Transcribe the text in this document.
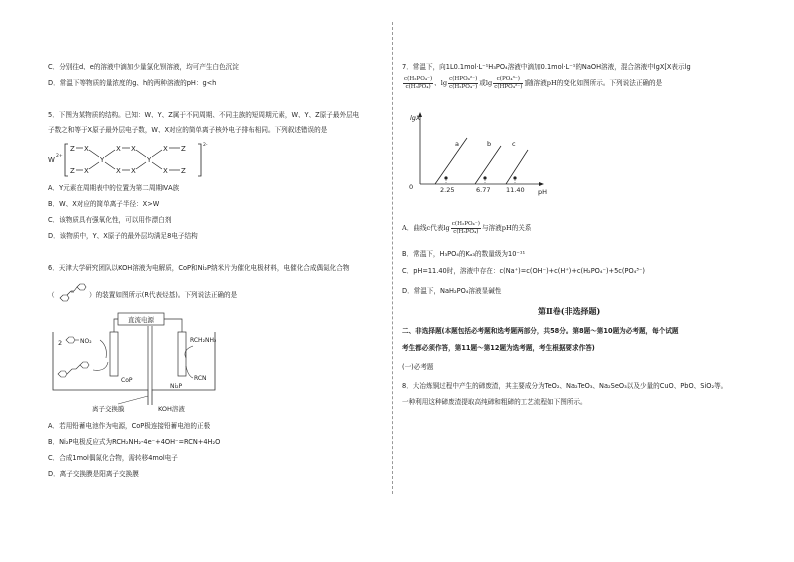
C．分别往d、e的溶液中滴加少量氯化钡溶液，均可产生白色沉淀
D．常温下等物质的量浓度的g、h的两种溶液的pH：g<h
5．下图为某物质的结构。已知：W、Y、Z属于不同周期、不同主族的短周期元素，W、Y、Z原子最外层电
子数之和等于X原子最外层电子数，W、X对应的简单离子核外电子排布相同。下列叙述错误的是
W 2+
2-
Z
Z
X
X
Y
X
X
X
X
Y
X
X
Z
Z
A．Y元素在周期表中的位置为第二周期ⅣA族
B．W、X对应的简单离子半径：X>W
C．该物质具有强氧化性，可以用作漂白剂
D．该物质中，Y、X原子的最外层均满足8电子结构
6．天津大学研究团队以KOH溶液为电解质，CoP和Ni₂P纳米片为催化电极材料，电催化合成偶氮化合物
（	）的装置如图所示(R代表烃基)。下列说法正确的是
直流电源
2	NO₂
CoP
RCH₂NH₂
RCN
Ni₂P
离子交换膜	KOH溶液
A．若用铅蓄电池作为电源，CoP极连接铅蓄电池的正极
B．Ni₂P电极反应式为RCH₂NH₂-4e⁻+4OH⁻=RCN+4H₂O
C．合成1mol偶氮化合物，需转移4mol电子
D．离子交换膜是阳离子交换膜
7．常温下，向1L0.1mol·L⁻¹H₃PO₄溶液中滴加0.1mol·L⁻¹的NaOH溶液，混合溶液中lgX[X表示lg
$\frac{\text{c(H₂PO₄⁻)}}{\text{c(H₃PO₄)}}$ 、$\lg \frac{\text{c(HPO₄²⁻)}}{\text{c(H₂PO₄⁻)}}$ 或$\lg \frac{\text{c(PO₄³⁻)}}{\text{c(HPO₄²⁻)}}$ ]随溶液pH的变化如图所示。下列说法正确的是
lgX
pH
0
a	b	c
2.25	6.77 11.40
A．曲线c代表$\lg \frac{\text{c(H₂PO₄⁻)}}{\text{c(H₃PO₄)}}$ 与溶液pH的关系
B．常温下，H₃PO₄的Kₐ₃的数量级为10⁻¹¹
C．pH=11.40时，溶液中存在：c(Na⁺)=c(OH⁻)+c(H⁺)+c(H₂PO₄⁻)+5c(PO₄³⁻)
D．常温下，NaH₂PO₄溶液显碱性
第Ⅱ卷(非选择题)
二、非选择题(本题包括必考题和选考题两部分，共58分。第8题～第10题为必考题，每个试题
考生都必须作答，第11题～第12题为选考题，考生根据要求作答)
(一)必考题
8．大冶炼铜过程中产生的碲废渣，其主要成分为TeO₂、Na₂TeO₃、Na₂SeO₃以及少量的CuO、PbO、SiO₂等。
一种利用这种碲废渣提取高纯碲和粗碲的工艺流程如下图所示。
